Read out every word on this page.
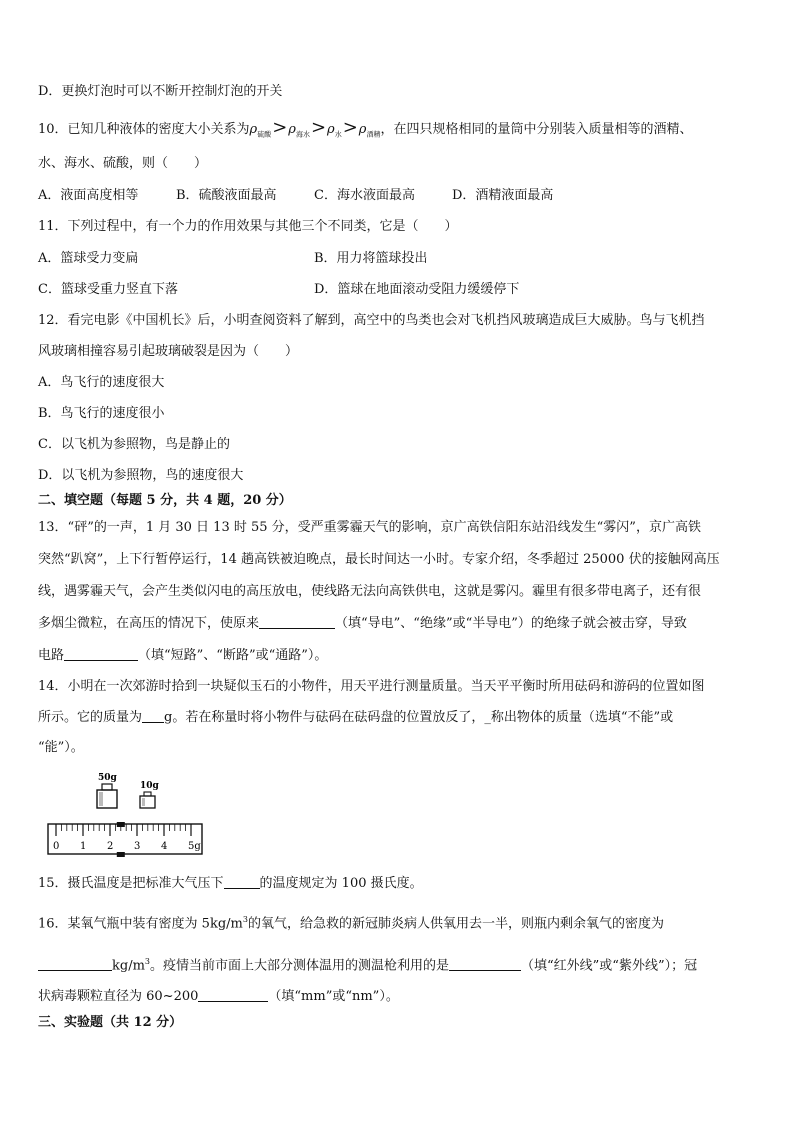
D．更换灯泡时可以不断开控制灯泡的开关
10．已知几种液体的密度大小关系为$\rho_{硫酸}>\rho_{海水}>\rho_水>\rho_{酒精}$，在四只规格相同的量筒中分别装入质量相等的酒精、
水、海水、硫酸，则（　　）
A．液面高度相等	B．硫酸液面最高	C．海水液面最高	D．酒精液面最高
11．下列过程中，有一个力的作用效果与其他三个不同类，它是（　　）
A．篮球受力变扁	B．用力将篮球投出
C．篮球受重力竖直下落	D．篮球在地面滚动受阻力缓缓停下
12．看完电影《中国机长》后，小明查阅资料了解到，高空中的鸟类也会对飞机挡风玻璃造成巨大威胁。鸟与飞机挡
风玻璃相撞容易引起玻璃破裂是因为（　　）
A．鸟飞行的速度很大
B．鸟飞行的速度很小
C．以飞机为参照物，鸟是静止的
D．以飞机为参照物，鸟的速度很大
二、填空题（每题 5 分，共 4 题，20 分）
13．“砰”的一声，1 月 30 日 13 时 55 分，受严重雾霾天气的影响，京广高铁信阳东站沿线发生“雾闪”，京广高铁
突然“趴窝”，上下行暂停运行，14 趟高铁被迫晚点，最长时间达一小时。专家介绍，冬季超过 25000 伏的接触网高压
线，遇雾霾天气，会产生类似闪电的高压放电，使线路无法向高铁供电，这就是雾闪。霾里有很多带电离子，还有很
多烟尘微粒，在高压的情况下，使原来	（填“导电”、“绝缘”或“半导电”）的绝缘子就会被击穿，导致
电路	（填“短路”、“断路”或“通路”）。
14．小明在一次郊游时拾到一块疑似玉石的小物件，用天平进行测量质量。当天平平衡时所用砝码和游码的位置如图
所示。它的质量为 g。若在称量时将小物件与砝码在砝码盘的位置放反了，_称出物体的质量（选填“不能”或
“能”）。
50g
10g
0 1 2 3 4 5g
15．摄氏温度是把标准大气压下	的温度规定为 100 摄氏度。
16．某氧气瓶中装有密度为 $5kg/m^3$的氧气，给急救的新冠肺炎病人供氧用去一半，则瓶内剩余氧气的密度为
$kg/m^3$。疫情当前市面上大部分测体温用的测温枪利用的是	（填“红外线”或“紫外线”）；冠
状病毒颗粒直径为 60~200	（填“mm”或“nm”）。
三、实验题（共 12 分）
